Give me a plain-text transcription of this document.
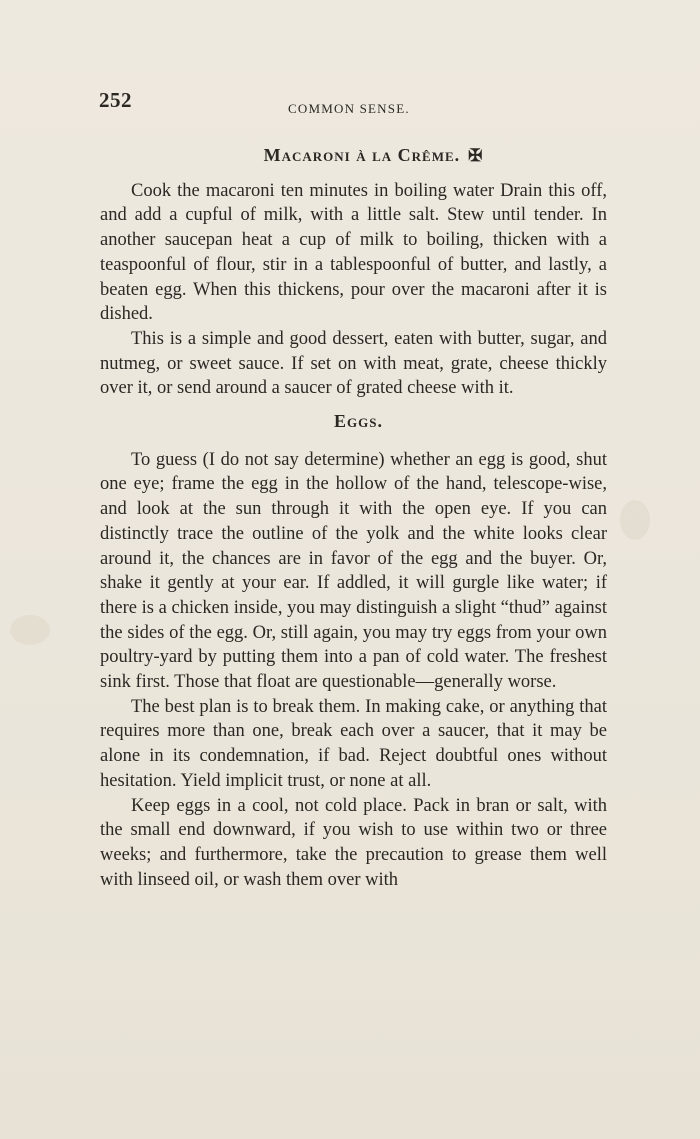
252	COMMON SENSE.
Macaroni à la Crême. ✠

Cook the macaroni ten minutes in boiling water Drain this off, and add a cupful of milk, with a little salt. Stew until tender. In another saucepan heat a cup of milk to boiling, thicken with a teaspoonful of flour, stir in a tablespoonful of butter, and lastly, a beaten egg. When this thickens, pour over the macaroni after it is dished.

This is a simple and good dessert, eaten with butter, sugar, and nutmeg, or sweet sauce. If set on with meat, grate, cheese thickly over it, or send around a saucer of grated cheese with it.

Eggs.

To guess (I do not say determine) whether an egg is good, shut one eye; frame the egg in the hollow of the hand, telescope-wise, and look at the sun through it with the open eye. If you can distinctly trace the outline of the yolk and the white looks clear around it, the chances are in favor of the egg and the buyer. Or, shake it gently at your ear. If addled, it will gurgle like water; if there is a chicken inside, you may distinguish a slight “thud” against the sides of the egg. Or, still again, you may try eggs from your own poultry-yard by putting them into a pan of cold water. The freshest sink first. Those that float are questionable—generally worse.

The best plan is to break them. In making cake, or anything that requires more than one, break each over a saucer, that it may be alone in its condemnation, if bad. Reject doubtful ones without hesitation. Yield implicit trust, or none at all.

Keep eggs in a cool, not cold place. Pack in bran or salt, with the small end downward, if you wish to use within two or three weeks; and furthermore, take the precaution to grease them well with linseed oil, or wash them over with
